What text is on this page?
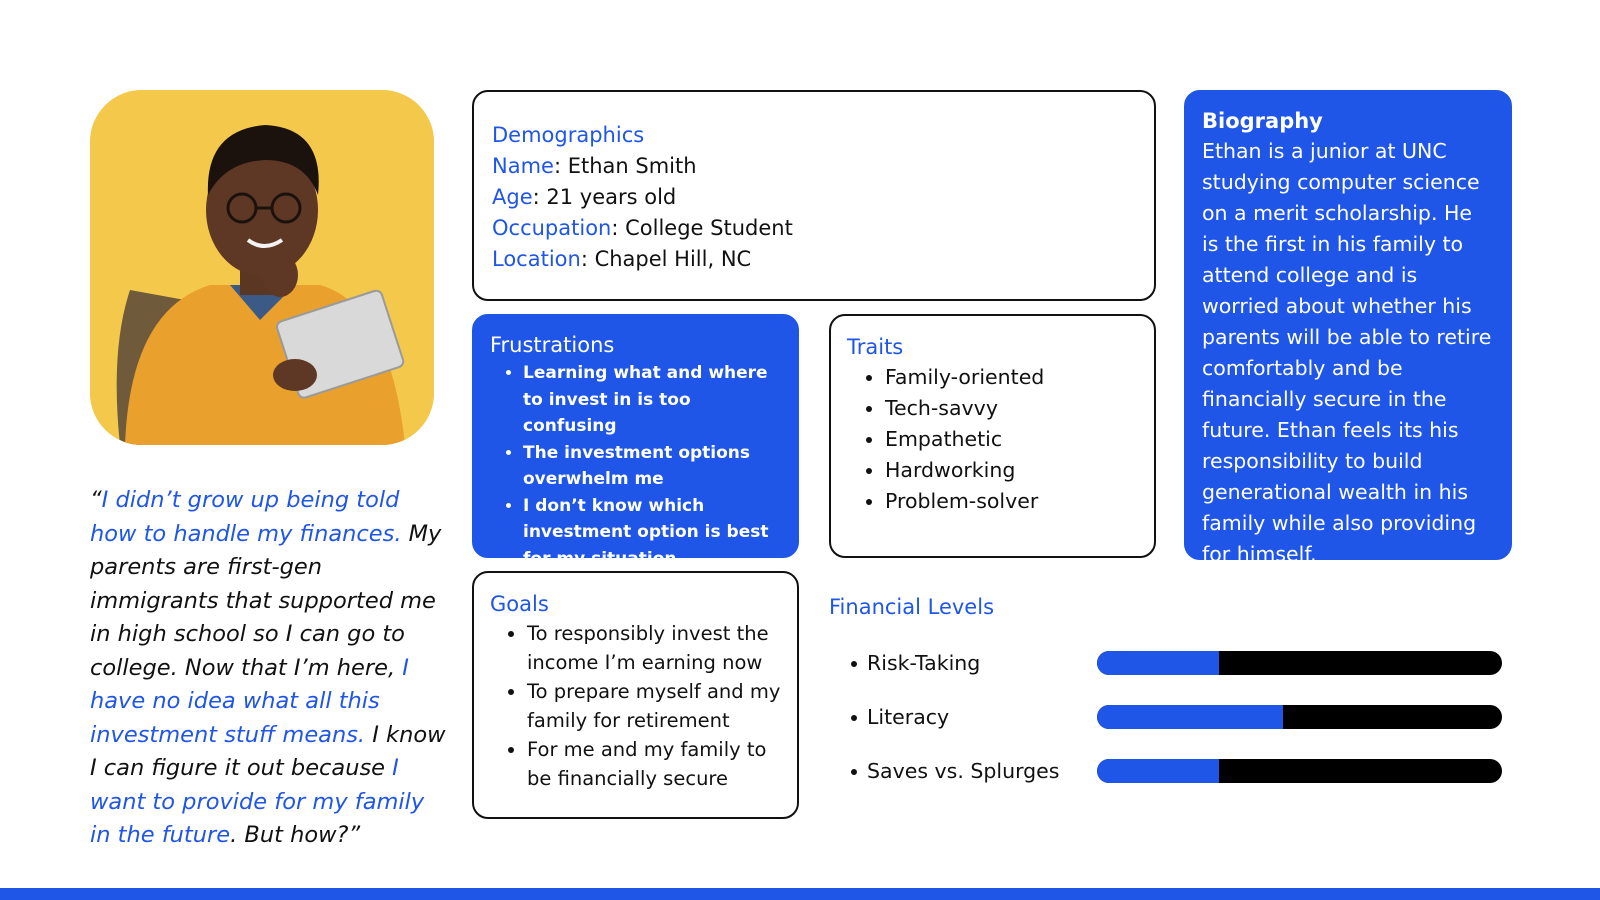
“I didn’t grow up being told how to handle my finances. My parents are first-gen immigrants that supported me in high school so I can go to college. Now that I’m here, I have no idea what all this investment stuff means. I know I can figure it out because I want to provide for my family in the future. But how?”
Demographics
Name: Ethan Smith
Age: 21 years old
Occupation: College Student
Location: Chapel Hill, NC
Biography
Ethan is a junior at UNC studying computer science on a merit scholarship. He is the first in his family to attend college and is worried about whether his parents will be able to retire comfortably and be financially secure in the future. Ethan feels its his responsibility to build generational wealth in his family while also providing for himself.
Frustrations
• Learning what and where to invest in is too confusing
• The investment options overwhelm me
• I don’t know which investment option is best for my situation
Traits
• Family-oriented
• Tech-savvy
• Empathetic
• Hardworking
• Problem-solver
Goals
• To responsibly invest the income I’m earning now
• To prepare myself and my family for retirement
• For me and my family to be financially secure
Financial Levels
Risk-Taking
Literacy
Saves vs. Splurges
